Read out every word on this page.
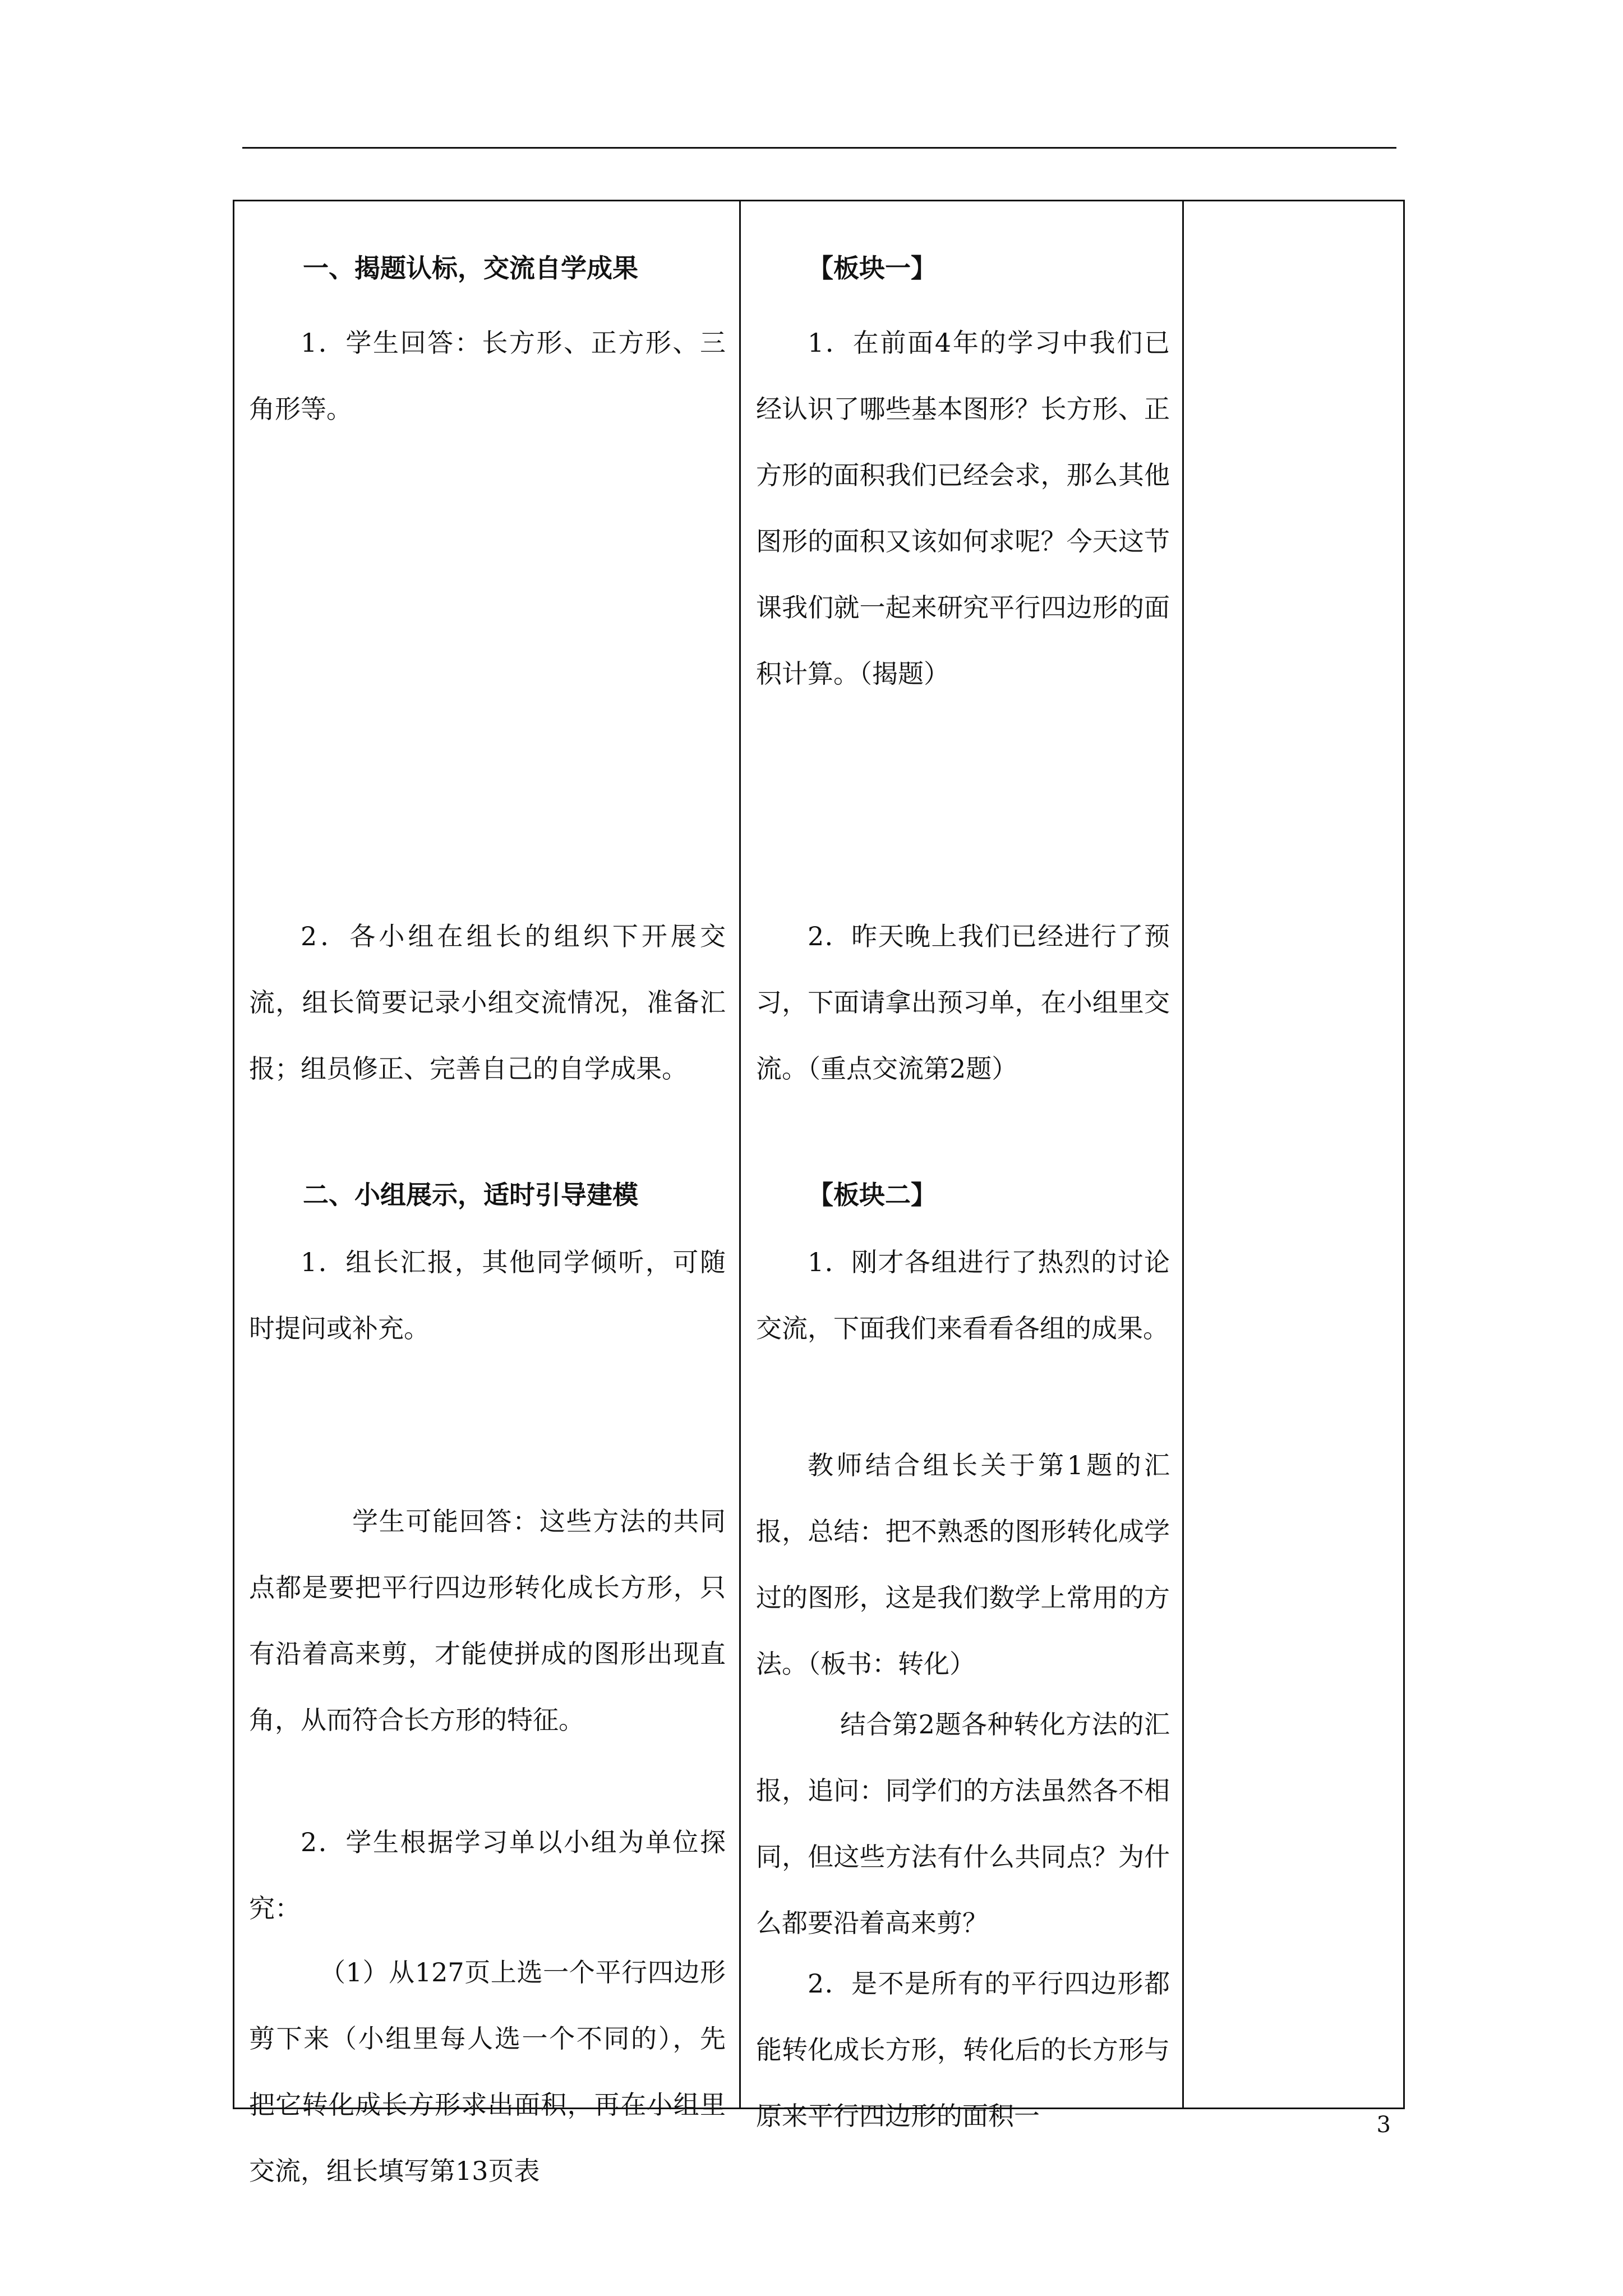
一、揭题认标，交流自学成果

1．学生回答：长方形、正方形、三角形等。

2．各小组在组长的组织下开展交流，组长简要记录小组交流情况，准备汇报；组员修正、完善自己的自学成果。

二、小组展示，适时引导建模

1．组长汇报，其他同学倾听，可随时提问或补充。

学生可能回答：这些方法的共同点都是要把平行四边形转化成长方形，只有沿着高来剪，才能使拼成的图形出现直角，从而符合长方形的特征。

2．学生根据学习单以小组为单位探究：

（1）从127页上选一个平行四边形剪下来（小组里每人选一个不同的），先把它转化成长方形求出面积，再在小组里交流，组长填写第13页表

【板块一】

1．在前面4年的学习中我们已经认识了哪些基本图形？长方形、正方形的面积我们已经会求，那么其他图形的面积又该如何求呢？今天这节课我们就一起来研究平行四边形的面积计算。（揭题）

2．昨天晚上我们已经进行了预习，下面请拿出预习单，在小组里交流。（重点交流第2题）

【板块二】

1．刚才各组进行了热烈的讨论交流，下面我们来看看各组的成果。

教师结合组长关于第1题的汇报，总结：把不熟悉的图形转化成学过的图形，这是我们数学上常用的方法。（板书：转化）

结合第2题各种转化方法的汇报，追问：同学们的方法虽然各不相同，但这些方法有什么共同点？为什么都要沿着高来剪？

2．是不是所有的平行四边形都能转化成长方形，转化后的长方形与原来平行四边形的面积一	3
